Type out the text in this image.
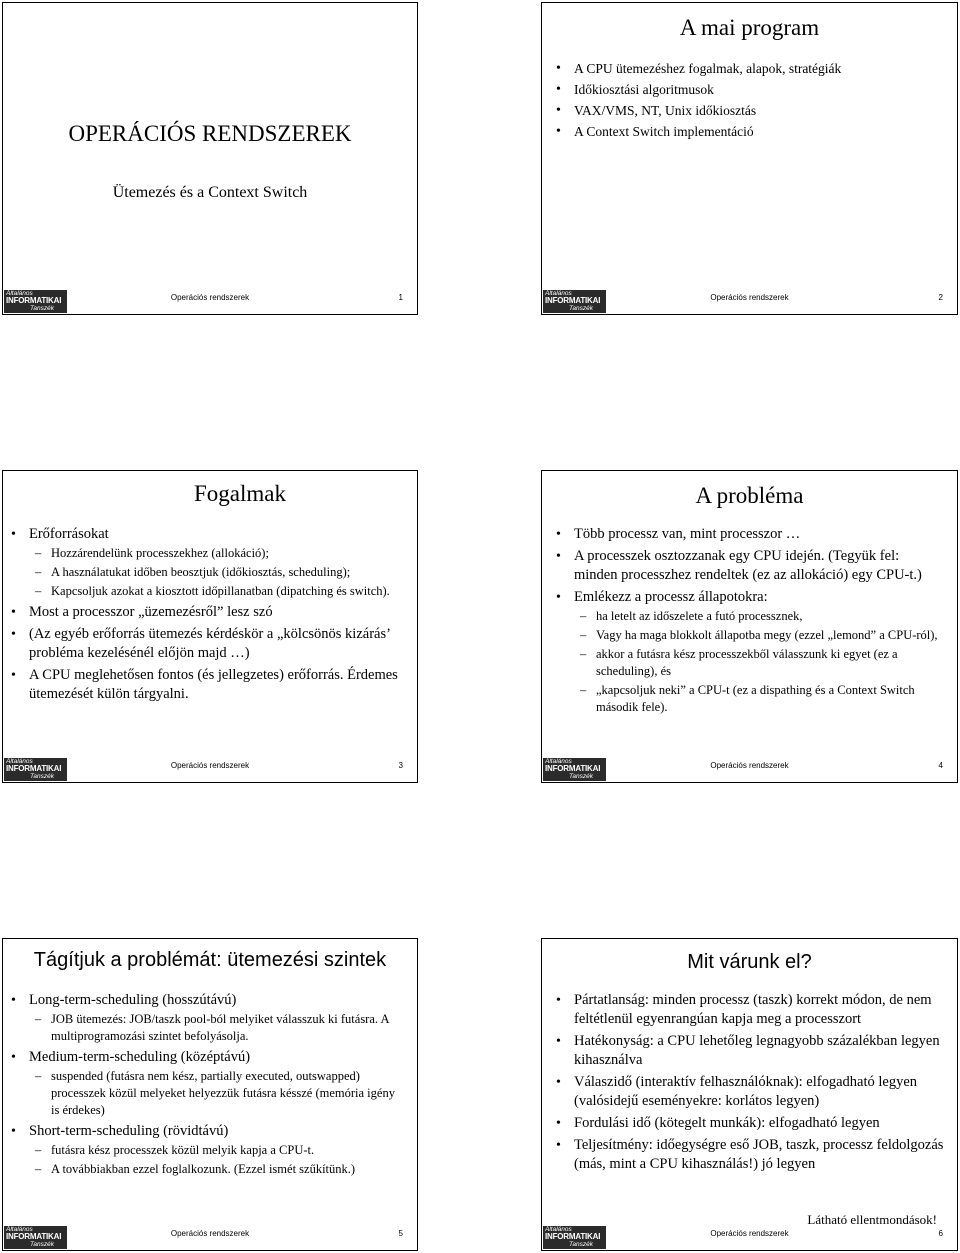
OPERÁCIÓS RENDSZEREK
Ütemezés és a Context Switch
Általános
INFORMATIKAI
Tanszék
Operációs rendszerek	1
A mai program
• A CPU ütemezéshez fogalmak, alapok, stratégiák
• Időkiosztási algoritmusok
• VAX/VMS, NT, Unix időkiosztás
• A Context Switch implementáció
Általános
INFORMATIKAI
Tanszék
Operációs rendszerek	2
Fogalmak
• Erőforrásokat
– Hozzárendelünk processzekhez (allokáció);
– A használatukat időben beosztjuk (időkiosztás, scheduling);
– Kapcsoljuk azokat a kiosztott időpillanatban (dipatching és switch).
• Most a processzor „üzemezésről” lesz szó
• (Az egyéb erőforrás ütemezés kérdéskör a „kölcsönös kizárás’ probléma kezelésénél előjön majd …)
• A CPU meglehetősen fontos (és jellegzetes) erőforrás. Érdemes ütemezését külön tárgyalni.
Általános
INFORMATIKAI
Tanszék
Operációs rendszerek	3
A probléma
• Több processz van, mint processzor …
• A processzek osztozzanak egy CPU idején. (Tegyük fel: minden processzhez rendeltek (ez az allokáció) egy CPU-t.)
• Emlékezz a processz állapotokra:
– ha letelt az időszelete a futó processznek,
– Vagy ha maga blokkolt állapotba megy (ezzel „lemond” a CPU-ról),
– akkor a futásra kész processzekből válasszunk ki egyet (ez a scheduling), és
– „kapcsoljuk neki” a CPU-t (ez a dispathing és a Context Switch második fele).
Általános
INFORMATIKAI
Tanszék
Operációs rendszerek	4
Tágítjuk a problémát: ütemezési szintek
• Long-term-scheduling (hosszútávú)
– JOB ütemezés: JOB/taszk pool-ból melyiket válasszuk ki futásra. A multiprogramozási szintet befolyásolja.
• Medium-term-scheduling (középtávú)
– suspended (futásra nem kész, partially executed, outswapped) processzek közül melyeket helyezzük futásra késszé (memória igény is érdekes)
• Short-term-scheduling (rövidtávú)
– futásra kész processzek közül melyik kapja a CPU-t.
– A továbbiakban ezzel foglalkozunk. (Ezzel ismét szűkítünk.)
Általános
INFORMATIKAI
Tanszék
Operációs rendszerek	5
Mit várunk el?
• Pártatlanság: minden processz (taszk) korrekt módon, de nem feltétlenül egyenrangúan kapja meg a processzort
• Hatékonyság: a CPU lehetőleg legnagyobb százalékban legyen kihasználva
• Válaszidő (interaktív felhasználóknak): elfogadható legyen (valósidejű eseményekre: korlátos legyen)
• Fordulási idő (kötegelt munkák): elfogadható legyen
• Teljesítmény: időegységre eső JOB, taszk, processz feldolgozás (más, mint a CPU kihasználás!) jó legyen
Látható ellentmondások!
Általános
INFORMATIKAI
Tanszék
Operációs rendszerek	6
